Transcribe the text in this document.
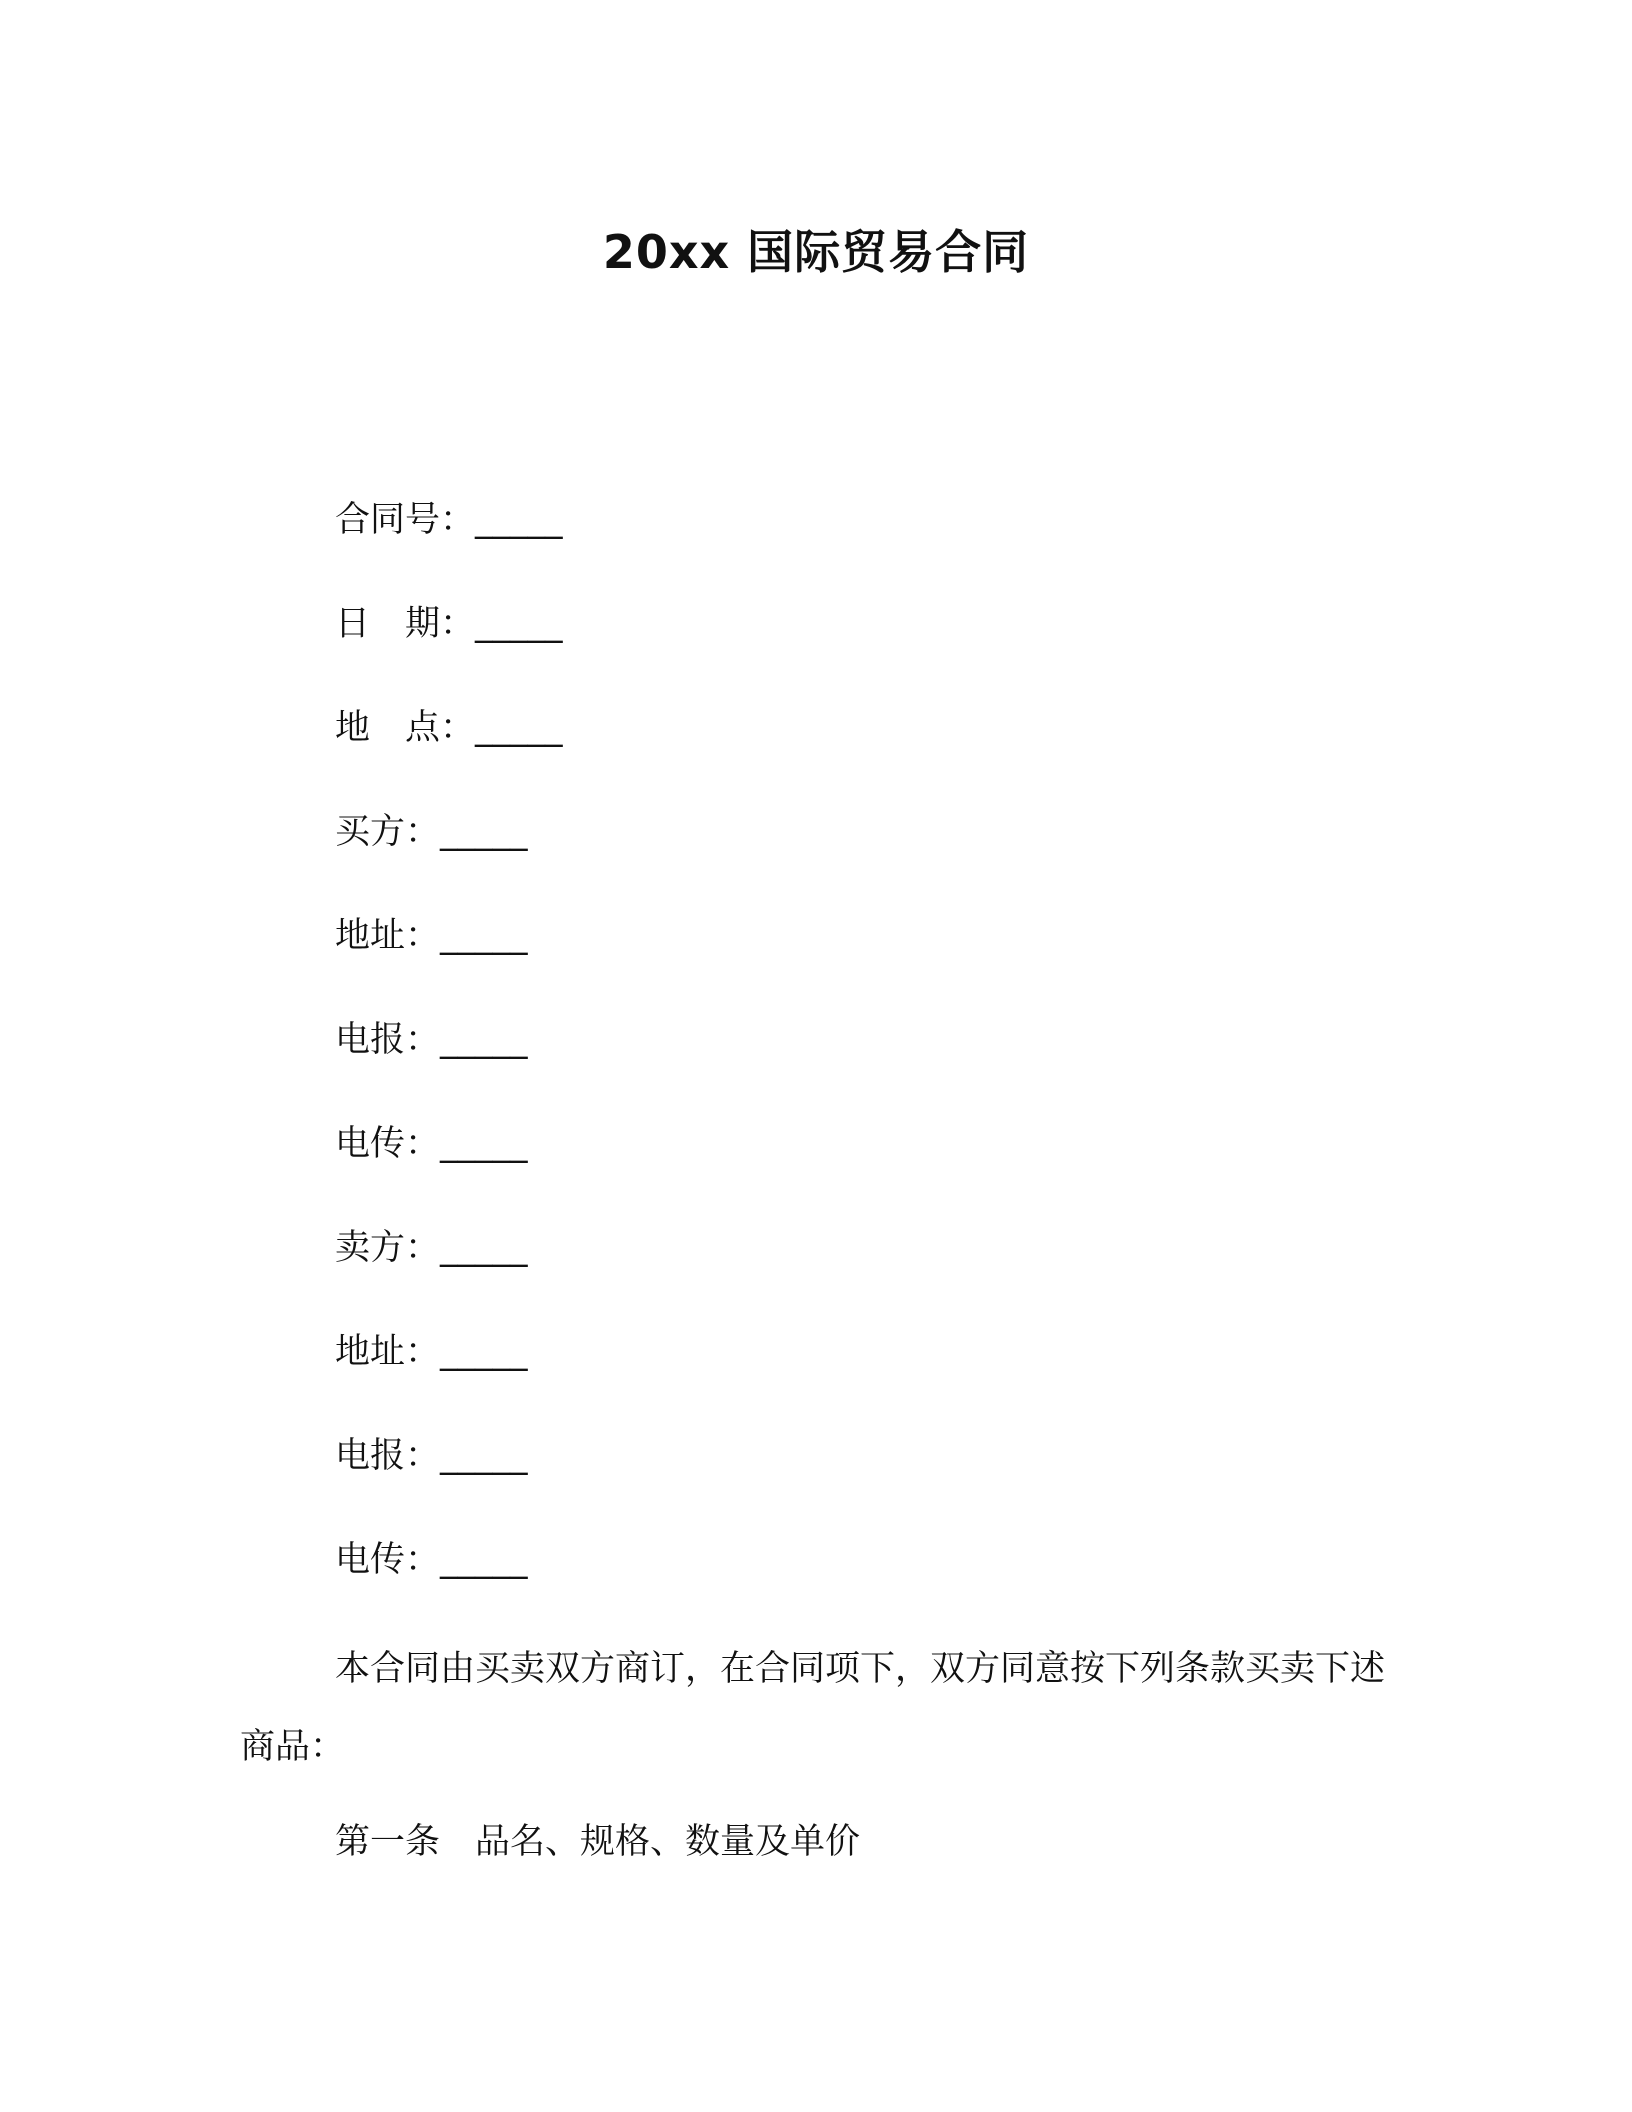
20xx 国际贸易合同
合同号：_____
日　期：_____
地　点：_____
买方：_____
地址：_____
电报：_____
电传：_____
卖方：_____
地址：_____
电报：_____
电传：_____
本合同由买卖双方商订，在合同项下，双方同意按下列条款买卖下述商品：
第一条　品名、规格、数量及单价
